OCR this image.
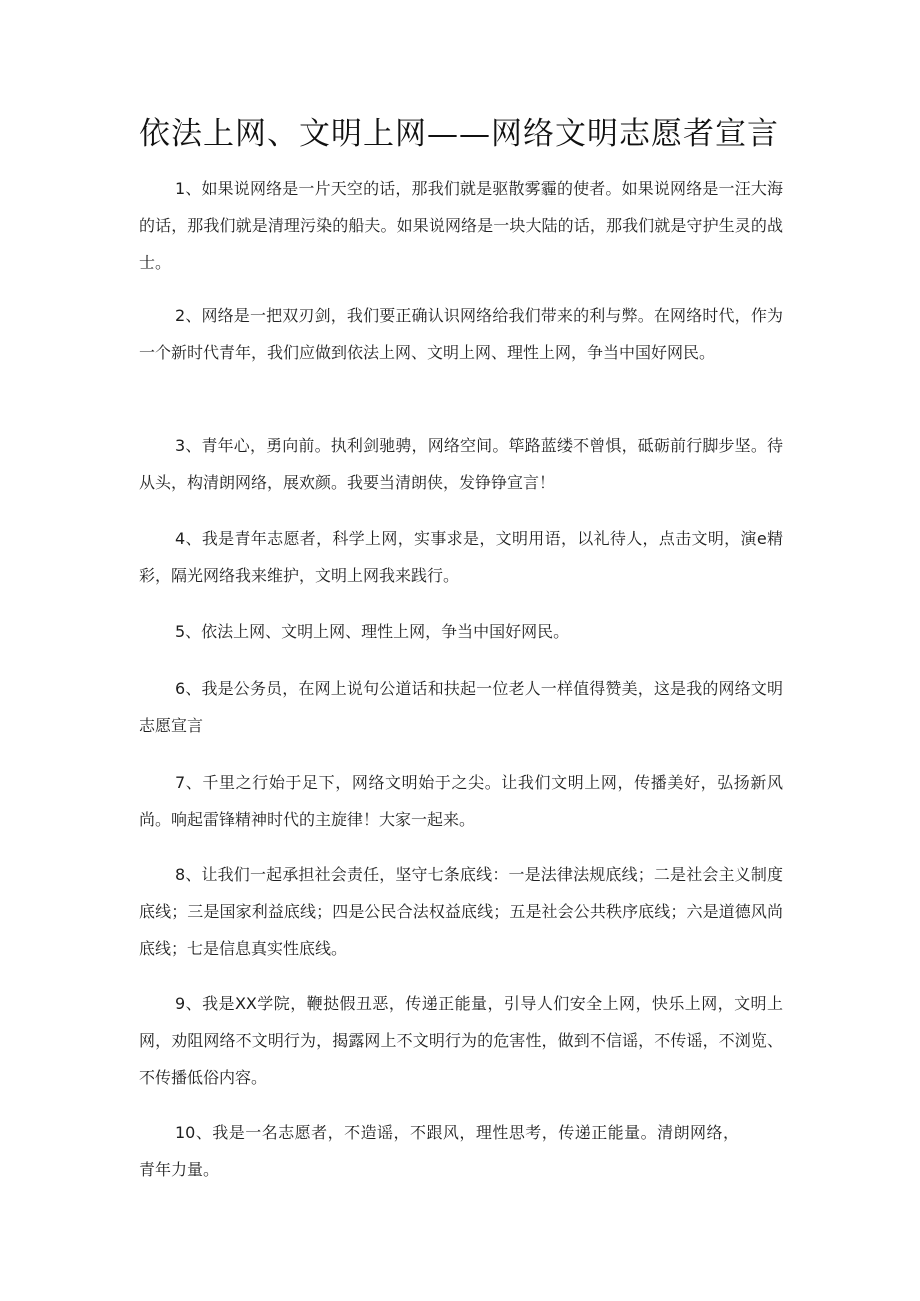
依法上网、文明上网——网络文明志愿者宣言

1、如果说网络是一片天空的话，那我们就是驱散雾霾的使者。如果说网络是一汪大海的话，那我们就是清理污染的船夫。如果说网络是一块大陆的话，那我们就是守护生灵的战士。

2、网络是一把双刃剑，我们要正确认识网络给我们带来的利与弊。在网络时代，作为一个新时代青年，我们应做到依法上网、文明上网、理性上网，争当中国好网民。

3、青年心，勇向前。执利剑驰骋，网络空间。筚路蓝缕不曾惧，砥砺前行脚步坚。待从头，构清朗网络，展欢颜。我要当清朗侠，发铮铮宣言！

4、我是青年志愿者，科学上网，实事求是，文明用语，以礼待人，点击文明，演e精彩，隔光网络我来维护，文明上网我来践行。

5、依法上网、文明上网、理性上网，争当中国好网民。

6、我是公务员，在网上说句公道话和扶起一位老人一样值得赞美，这是我的网络文明志愿宣言

7、千里之行始于足下，网络文明始于之尖。让我们文明上网，传播美好，弘扬新风尚。响起雷锋精神时代的主旋律！大家一起来。

8、让我们一起承担社会责任，坚守七条底线：一是法律法规底线；二是社会主义制度底线；三是国家利益底线；四是公民合法权益底线；五是社会公共秩序底线；六是道德风尚底线；七是信息真实性底线。

9、我是XX学院，鞭挞假丑恶，传递正能量，引导人们安全上网，快乐上网，文明上网，劝阻网络不文明行为，揭露网上不文明行为的危害性，做到不信谣，不传谣，不浏览、不传播低俗内容。

10、我是一名志愿者，不造谣，不跟风，理性思考，传递正能量。清朗网络，青年力量。
